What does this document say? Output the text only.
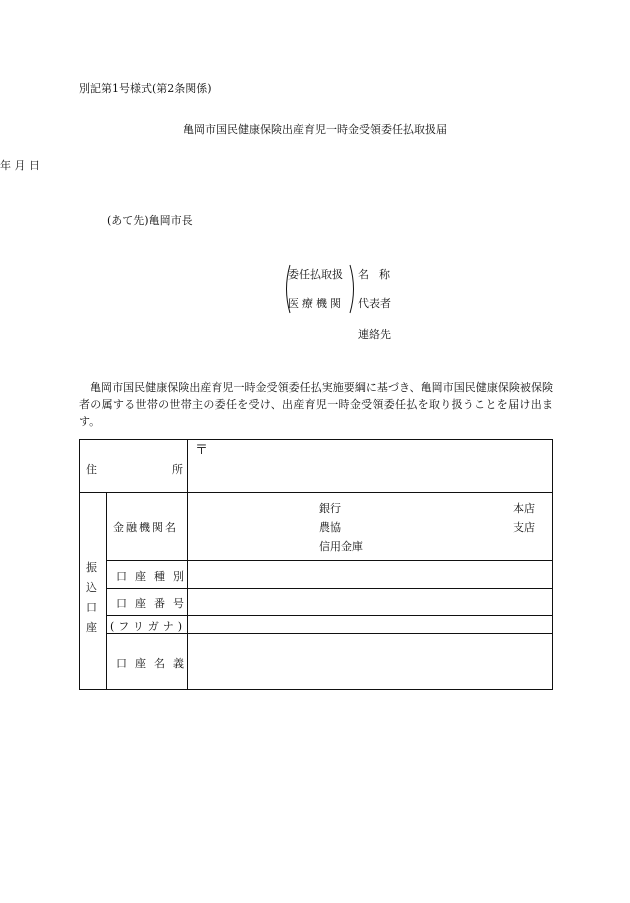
別記第1号様式(第2条関係)
亀岡市国民健康保険出産育児一時金受領委任払取扱届
年 月 日
(あて先)亀岡市長
委任払取扱
医療機関
名称
代表者
連絡先
亀岡市国民健康保険出産育児一時金受領委任払実施要綱に基づき、亀岡市国民健康保険被保険者の属する世帯の世帯主の委任を受け、出産育児一時金受領委任払を取り扱うことを届け出ます。
住	所
〒
振
込
口
座
金融機関名
銀行
農協
信用金庫
本店
支店
口座種別
口座番号
(フリガナ)
口座名義
